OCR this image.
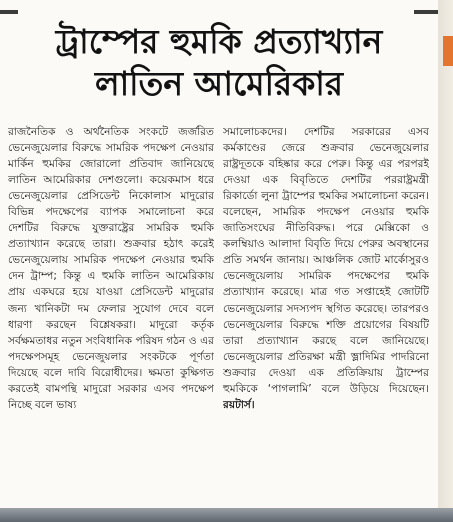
ট্রাম্পের হুমকি প্রত্যাখ্যান
লাতিন আমেরিকার
রাজনৈতিক ও অর্থনৈতিক সংকটে জর্জরিত ভেনেজুয়েলার বিরুদ্ধে সামরিক পদক্ষেপ নেওয়ার মার্কিন হুমকির জোরালো প্রতিবাদ জানিয়েছে লাতিন আমেরিকার দেশগুলো। কয়েকমাস ধরে ভেনেজুয়েলার প্রেসিডেন্ট নিকোলাস মাদুরোর বিভিন্ন পদক্ষেপের ব্যাপক সমালোচনা করে দেশটির বিরুদ্ধে যুক্তরাষ্ট্রের সামরিক হুমকি প্রত্যাখ্যান করেছে তারা। শুক্রবার হঠাৎ করেই ভেনেজুয়েলায় সামরিক পদক্ষেপ নেওয়ার হুমকি দেন ট্রাম্প; কিন্তু এ হুমকি লাতিন আমেরিকায় প্রায় একঘরে হয়ে যাওয়া প্রেসিডেন্ট মাদুরোর জন্য খানিকটা দম ফেলার সুযোগ দেবে বলে ধারণা করছেন বিশ্লেষকরা। মাদুরো কর্তৃক সর্বক্ষমতাধর নতুন সংবিধানিক পরিষদ গঠন ও এর পদক্ষেপসমূহ ভেনেজুয়লার সংকটকে পূর্ণতা দিয়েছে বলে দাবি বিরোধীদের। ক্ষমতা কুক্ষিগত করতেই বামপন্থি মাদুরো সরকার এসব পদক্ষেপ নিচ্ছে বলে ভাষ্য
সমালোচকদের। দেশটির সরকারের এসব কর্মকাণ্ডের জেরে শুক্রবার ভেনেজুয়েলার রাষ্ট্রদূতকে বহিষ্কার করে পেরু। কিন্তু এর পরপরই দেওয়া এক বিবৃতিতে দেশটির পররাষ্ট্রমন্ত্রী রিকার্ডো লুনা ট্রাম্পের হুমকির সমালোচনা করেন। বলেছেন, সামরিক পদক্ষেপ নেওয়ার হুমকি জাতিসংঘের নীতিবিরুদ্ধ। পরে মেক্সিকো ও কলম্বিয়াও আলাদা বিবৃতি দিয়ে পেরুর অবস্থানের প্রতি সমর্থন জানায়। আঞ্চলিক জোট মার্কোসুরও ভেনেজুয়েলায় সামরিক পদক্ষেপের হুমকি প্রত্যাখ্যান করেছে। মাত্র গত সপ্তাহেই জোটটি ভেনেজুয়েলার সদস্যপদ স্থগিত করেছে। তারপরও ভেনেজুয়েলার বিরুদ্ধে শক্তি প্রয়োগের বিষয়টি তারা প্রত্যাখ্যান করছে বলে জানিয়েছে। ভেনেজুয়েলার প্রতিরক্ষা মন্ত্রী ভ্লাদিমির পাদরিনো শুক্রবার দেওয়া এক প্রতিক্রিয়ায় ট্রাম্পের হুমকিকে ‘পাগলামি’ বলে উড়িয়ে দিয়েছেন। রয়টার্স।
